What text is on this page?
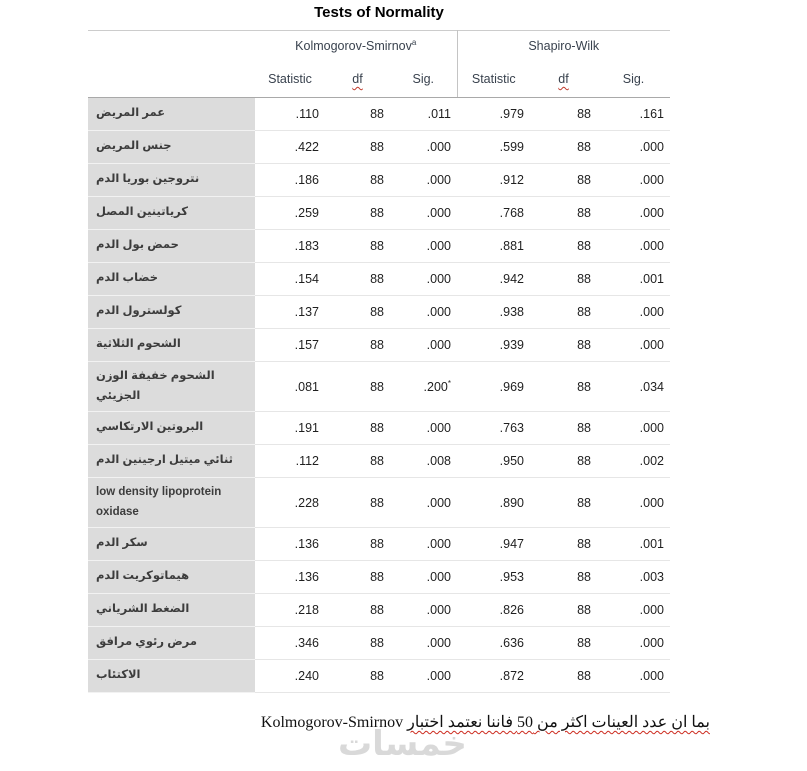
Tests of Normality
	Kolmogorov-Smirnov$^a$			Shapiro-Wilk		
	Statistic	df	Sig.	Statistic	df	Sig.
عمر المريض	.110	88	.011	.979	88	.161
جنس المريض	.422	88	.000	.599	88	.000
نتروجين بوريا الدم	.186	88	.000	.912	88	.000
كرياتينين المصل	.259	88	.000	.768	88	.000
حمض بول الدم	.183	88	.000	.881	88	.000
خضاب الدم	.154	88	.000	.942	88	.001
كولسترول الدم	.137	88	.000	.938	88	.000
الشحوم الثلاثية	.157	88	.000	.939	88	.000
الشحوم خفيفة الوزن الجزيئي	.081	88	.200*	.969	88	.034
البروتين الارتكاسي	.191	88	.000	.763	88	.000
ثنائي ميتيل ارجينين الدم	.112	88	.008	.950	88	.002
low density lipoprotein oxidase	.228	88	.000	.890	88	.000
سكر الدم	.136	88	.000	.947	88	.001
هيماتوكريت الدم	.136	88	.000	.953	88	.003
الضغط الشرياني	.218	88	.000	.826	88	.000
مرض رئوي مرافق	.346	88	.000	.636	88	.000
الاكتئاب	.240	88	.000	.872	88	.000

بما ان عدد العينات اكثر من 50 فاننا نعتمد اختبار Kolmogorov-Smirnov

خمسات
